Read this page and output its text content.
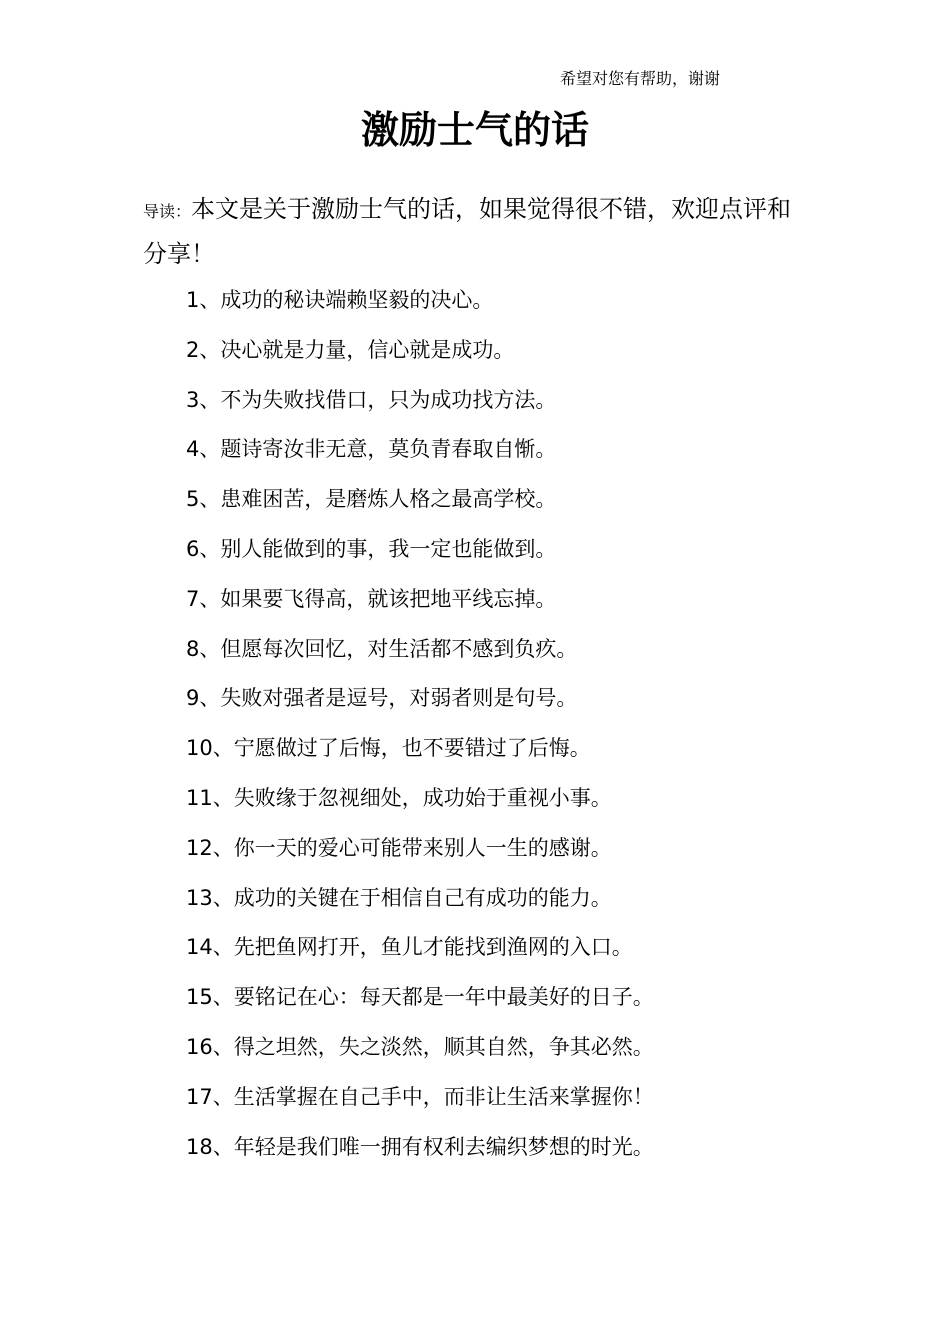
希望对您有帮助，谢谢
激励士气的话
导读：本文是关于激励士气的话，如果觉得很不错，欢迎点评和分享！
1、成功的秘诀端赖坚毅的决心。
2、决心就是力量，信心就是成功。
3、不为失败找借口，只为成功找方法。
4、题诗寄汝非无意，莫负青春取自惭。
5、患难困苦，是磨炼人格之最高学校。
6、别人能做到的事，我一定也能做到。
7、如果要飞得高，就该把地平线忘掉。
8、但愿每次回忆，对生活都不感到负疚。
9、失败对强者是逗号，对弱者则是句号。
10、宁愿做过了后悔，也不要错过了后悔。
11、失败缘于忽视细处，成功始于重视小事。
12、你一天的爱心可能带来别人一生的感谢。
13、成功的关键在于相信自己有成功的能力。
14、先把鱼网打开，鱼儿才能找到渔网的入口。
15、要铭记在心：每天都是一年中最美好的日子。
16、得之坦然，失之淡然，顺其自然，争其必然。
17、生活掌握在自己手中，而非让生活来掌握你！
18、年轻是我们唯一拥有权利去编织梦想的时光。
